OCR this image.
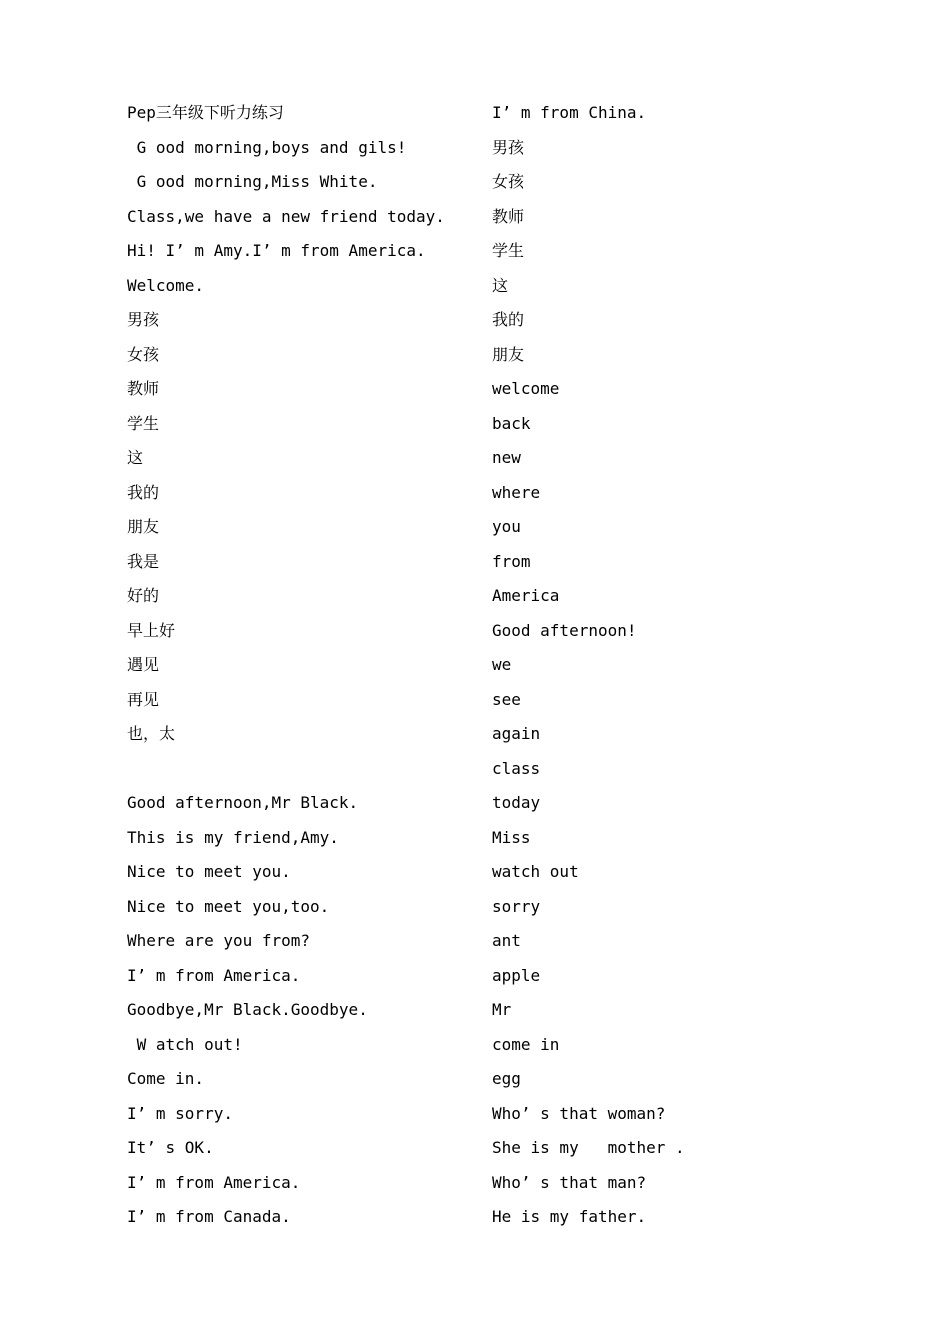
Pep三年级下听力练习
G ood morning,boys and gils!
G ood morning,Miss White.
Class,we have a new friend today.
Hi! I’ m Amy.I’ m from America.
Welcome.
男孩
女孩
教师
学生
这
我的
朋友
我是
好的
早上好
遇见
再见
也，太
Good afternoon,Mr Black.
This is my friend,Amy.
Nice to meet you.
Nice to meet you,too.
Where are you from?
I’ m from America.
Goodbye,Mr Black.Goodbye.
W atch out!
Come in.
I’ m sorry.
It’ s OK.
I’ m from America.
I’ m from Canada.
I’ m from China.
男孩
女孩
教师
学生
这
我的
朋友
welcome
back
new
where
you
from
America
Good afternoon!
we
see
again
class
today
Miss
watch out
sorry
ant
apple
Mr
come in
egg
Who’ s that woman?
She is my   mother .
Who’ s that man?
He is my father.
